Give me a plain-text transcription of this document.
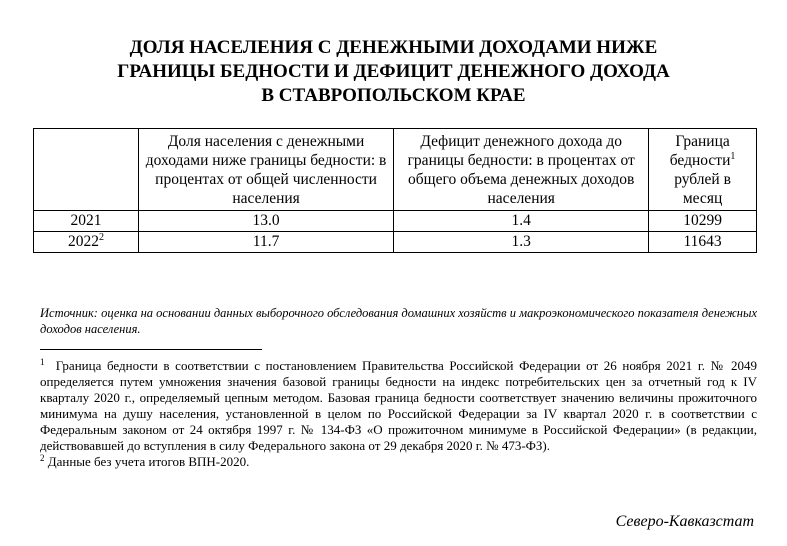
ДОЛЯ НАСЕЛЕНИЯ С ДЕНЕЖНЫМИ ДОХОДАМИ НИЖЕ
ГРАНИЦЫ БЕДНОСТИ И ДЕФИЦИТ ДЕНЕЖНОГО ДОХОДА
В СТАВРОПОЛЬСКОМ КРАЕ
	Доля населения с денежными доходами ниже границы бедности: в процентах от общей численности населения	Дефицит денежного дохода до границы бедности: в процентах от общего объема денежных доходов населения	Граница бедности$^1$ рублей в месяц
2021	13.0	1.4	10299
2022$^2$	11.7	1.3	11643
Источник: оценка на основании данных выборочного обследования домашних хозяйств и макроэкономического показателя денежных доходов населения.

$^1$ Граница бедности в соответствии с постановлением Правительства Российской Федерации от 26 ноября 2021 г. № 2049 определяется путем умножения значения базовой границы бедности на индекс потребительских цен за отчетный год к IV кварталу 2020 г., определяемый цепным методом. Базовая граница бедности соответствует значению величины прожиточного минимума на душу населения, установленной в целом по Российской Федерации за IV квартал 2020 г. в соответствии с Федеральным законом от 24 октября 1997 г. № 134-ФЗ «О прожиточном минимуме в Российской Федерации» (в редакции, действовавшей до вступления в силу Федерального закона от 29 декабря 2020 г. № 473-ФЗ).

$^2$ Данные без учета итогов ВПН-2020.

Северо-Кавказстат
